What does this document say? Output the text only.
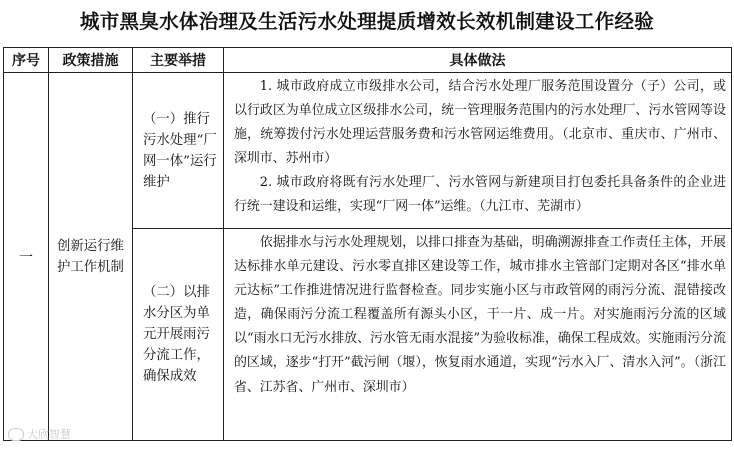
城市黑臭水体治理及生活污水处理提质增效长效机制建设工作经验
序号	政策措施	主要举措	具体做法
一	创新运行维护工作机制	（一）推行污水处理“厂网一体”运行维护	1. 城市政府成立市级排水公司，结合污水处理厂服务范围设置分（子）公司，或以行政区为单位成立区级排水公司，统一管理服务范围内的污水处理厂、污水管网等设施，统筹拨付污水处理运营服务费和污水管网运维费用。（北京市、重庆市、广州市、深圳市、苏州市）

2. 城市政府将既有污水处理厂、污水管网与新建项目打包委托具备条件的企业进行统一建设和运维，实现“厂网一体”运维。（九江市、芜湖市）

		（二）以排水分区为单元开展雨污分流工作，确保成效	依据排水与污水处理规划，以排口排查为基础，明确溯源排查工作责任主体，开展达标排水单元建设、污水零直排区建设等工作，城市排水主管部门定期对各区“排水单元达标”工作推进情况进行监督检查。同步实施小区与市政管网的雨污分流、混错接改造，确保雨污分流工程覆盖所有源头小区，干一片、成一片。对实施雨污分流的区域以“雨水口无污水排放、污水管无雨水混接”为验收标准，确保工程成效。实施雨污分流的区域，逐步“打开”截污闸（堰），恢复雨水通道，实现“污水入厂、清水入河”。（浙江省、江苏省、广州市、深圳市）

大欣智慧
